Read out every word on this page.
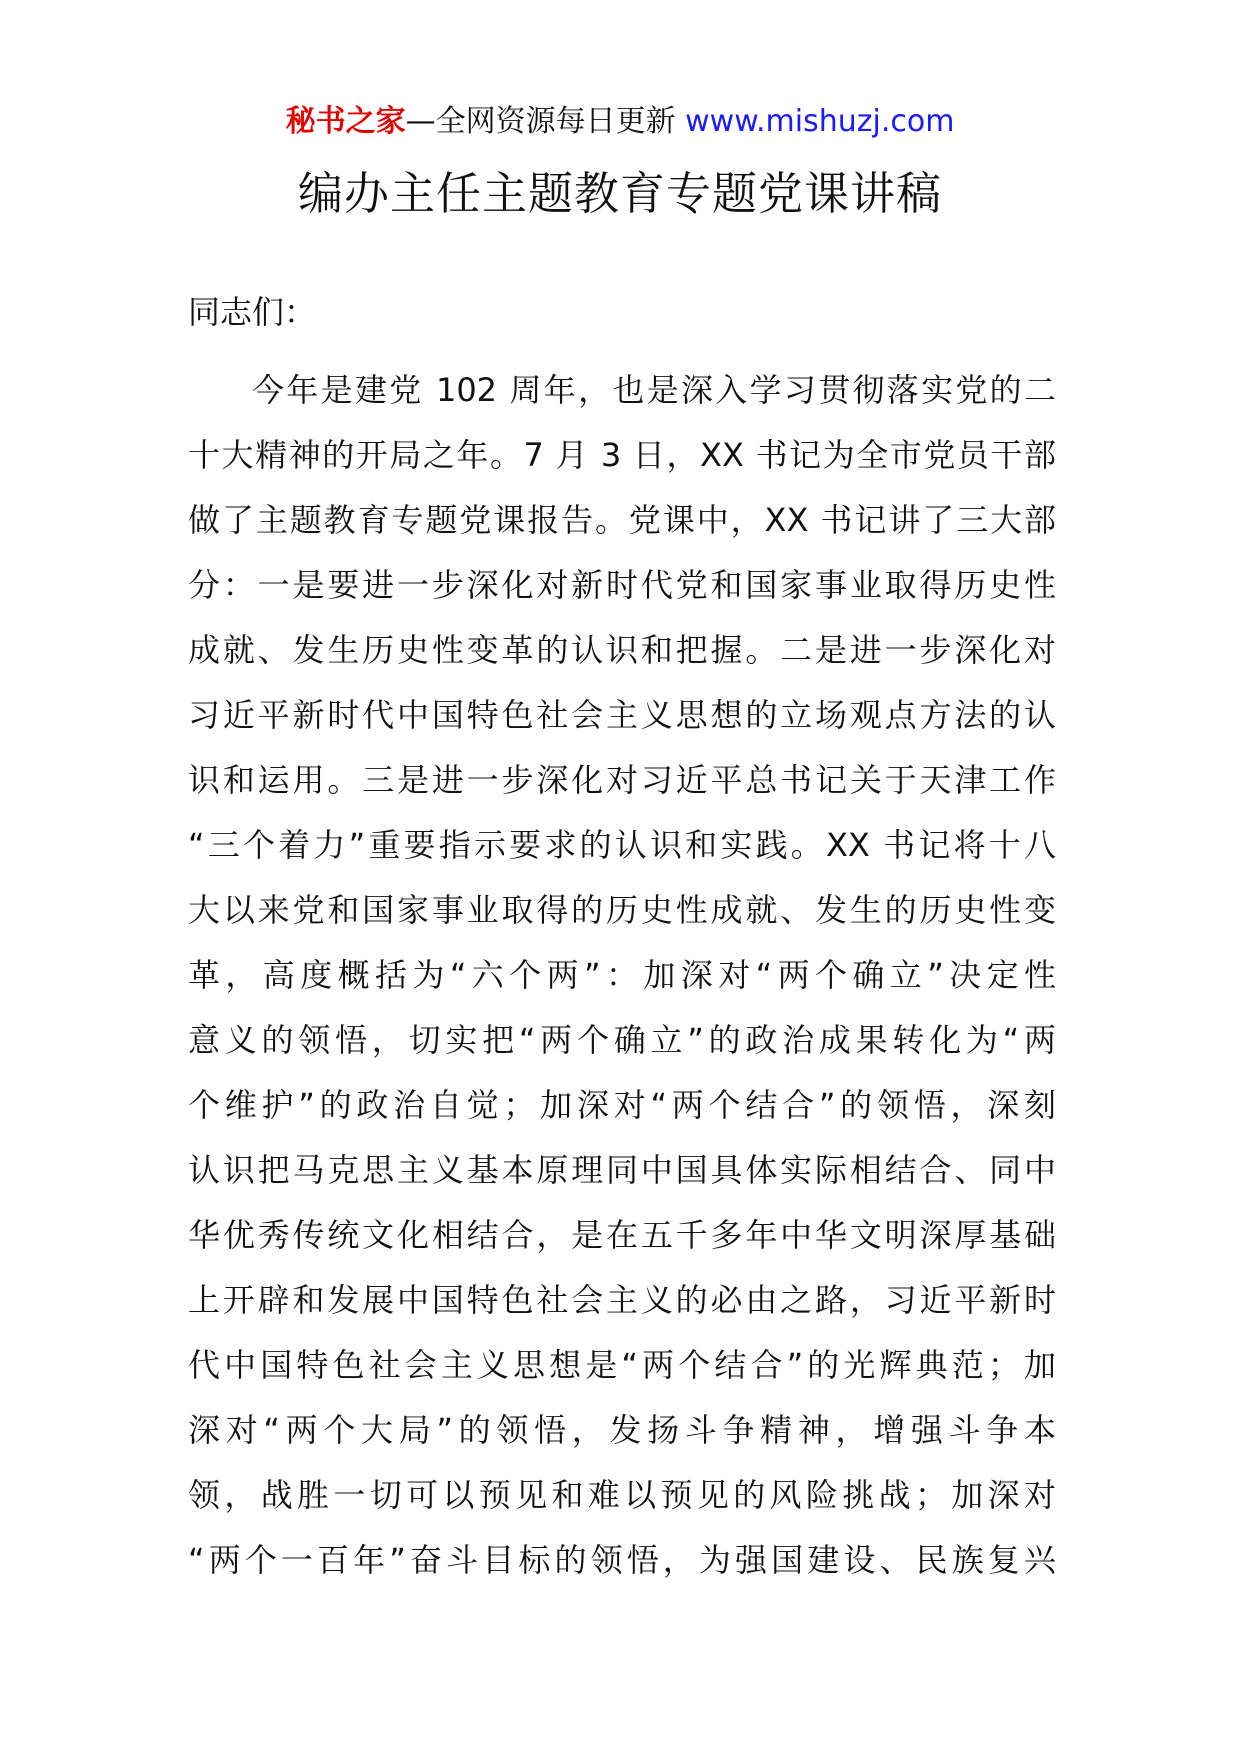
秘书之家—全网资源每日更新 www.mishuzj.com
编办主任主题教育专题党课讲稿
同志们：
今年是建党 102 周年，也是深入学习贯彻落实党的二
十大精神的开局之年。7 月 3 日，XX 书记为全市党员干部
做了主题教育专题党课报告。党课中，XX 书记讲了三大部
分：一是要进一步深化对新时代党和国家事业取得历史性
成就、发生历史性变革的认识和把握。二是进一步深化对
习近平新时代中国特色社会主义思想的立场观点方法的认
识和运用。三是进一步深化对习近平总书记关于天津工作
“三个着力”重要指示要求的认识和实践。XX 书记将十八
大以来党和国家事业取得的历史性成就、发生的历史性变
革，高度概括为“六个两”：加深对“两个确立”决定性
意义的领悟，切实把“两个确立”的政治成果转化为“两
个维护”的政治自觉；加深对“两个结合”的领悟，深刻
认识把马克思主义基本原理同中国具体实际相结合、同中
华优秀传统文化相结合，是在五千多年中华文明深厚基础
上开辟和发展中国特色社会主义的必由之路，习近平新时
代中国特色社会主义思想是“两个结合”的光辉典范；加
深对“两个大局”的领悟，发扬斗争精神，增强斗争本
领，战胜一切可以预见和难以预见的风险挑战；加深对
“两个一百年”奋斗目标的领悟，为强国建设、民族复兴
